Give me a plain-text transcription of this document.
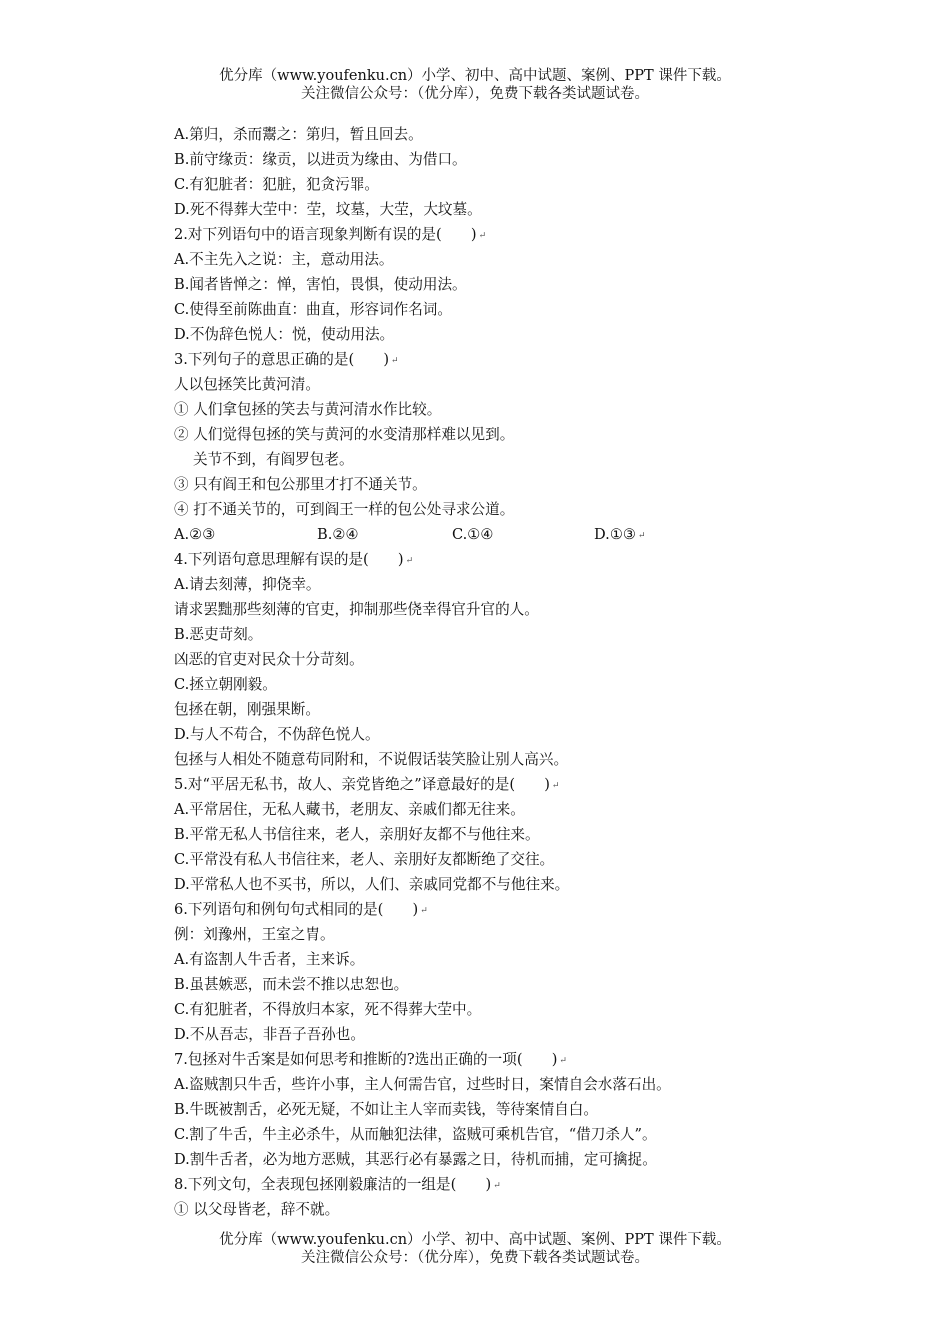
优分库（www.youfenku.cn）小学、初中、高中试题、案例、PPT 课件下载。
关注微信公众号：（优分库），免费下载各类试题试卷。
A.第归，杀而鬻之：第归，暂且回去。
B.前守缘贡：缘贡，以进贡为缘由、为借口。
C.有犯脏者：犯脏，犯贪污罪。
D.死不得葬大茔中：茔，坟墓，大茔，大坟墓。
2.对下列语句中的语言现象判断有误的是(　　) ↵
A.不主先入之说：主，意动用法。
B.闻者皆惮之：惮，害怕，畏惧，使动用法。
C.使得至前陈曲直：曲直，形容词作名词。
D.不伪辞色悦人：悦，使动用法。
3.下列句子的意思正确的是(　　) ↵
人以包拯笑比黄河清。
① 人们拿包拯的笑去与黄河清水作比较。
② 人们觉得包拯的笑与黄河的水变清那样难以见到。
关节不到，有阎罗包老。
③ 只有阎王和包公那里才打不通关节。
④ 打不通关节的，可到阎王一样的包公处寻求公道。
A.②③	B.②④	C.①④	D.①③ ↵
4.下列语句意思理解有误的是(　　) ↵
A.请去刻薄，抑侥幸。
请求罢黜那些刻薄的官吏，抑制那些侥幸得官升官的人。
B.恶吏苛刻。
凶恶的官吏对民众十分苛刻。
C.拯立朝刚毅。
包拯在朝，刚强果断。
D.与人不苟合，不伪辞色悦人。
包拯与人相处不随意苟同附和，不说假话装笑脸让别人高兴。
5.对“平居无私书，故人、亲党皆绝之”译意最好的是(　　) ↵
A.平常居住，无私人藏书，老朋友、亲戚们都无往来。
B.平常无私人书信往来，老人，亲朋好友都不与他往来。
C.平常没有私人书信往来，老人、亲朋好友都断绝了交往。
D.平常私人也不买书，所以，人们、亲戚同党都不与他往来。
6.下列语句和例句句式相同的是(　　) ↵
例：刘豫州，王室之胄。
A.有盗割人牛舌者，主来诉。
B.虽甚嫉恶，而未尝不推以忠恕也。
C.有犯脏者，不得放归本家，死不得葬大茔中。
D.不从吾志，非吾子吾孙也。
7.包拯对牛舌案是如何思考和推断的?选出正确的一项(　　) ↵
A.盗贼割只牛舌，些许小事，主人何需告官，过些时日，案情自会水落石出。
B.牛既被割舌，必死无疑，不如让主人宰而卖钱，等待案情自白。
C.割了牛舌，牛主必杀牛，从而触犯法律，盗贼可乘机告官，“借刀杀人”。
D.割牛舌者，必为地方恶贼，其恶行必有暴露之日，待机而捕，定可擒捉。
8.下列文句，全表现包拯刚毅廉洁的一组是(　　) ↵
① 以父母皆老，辞不就。
优分库（www.youfenku.cn）小学、初中、高中试题、案例、PPT 课件下载。
关注微信公众号：（优分库），免费下载各类试题试卷。
